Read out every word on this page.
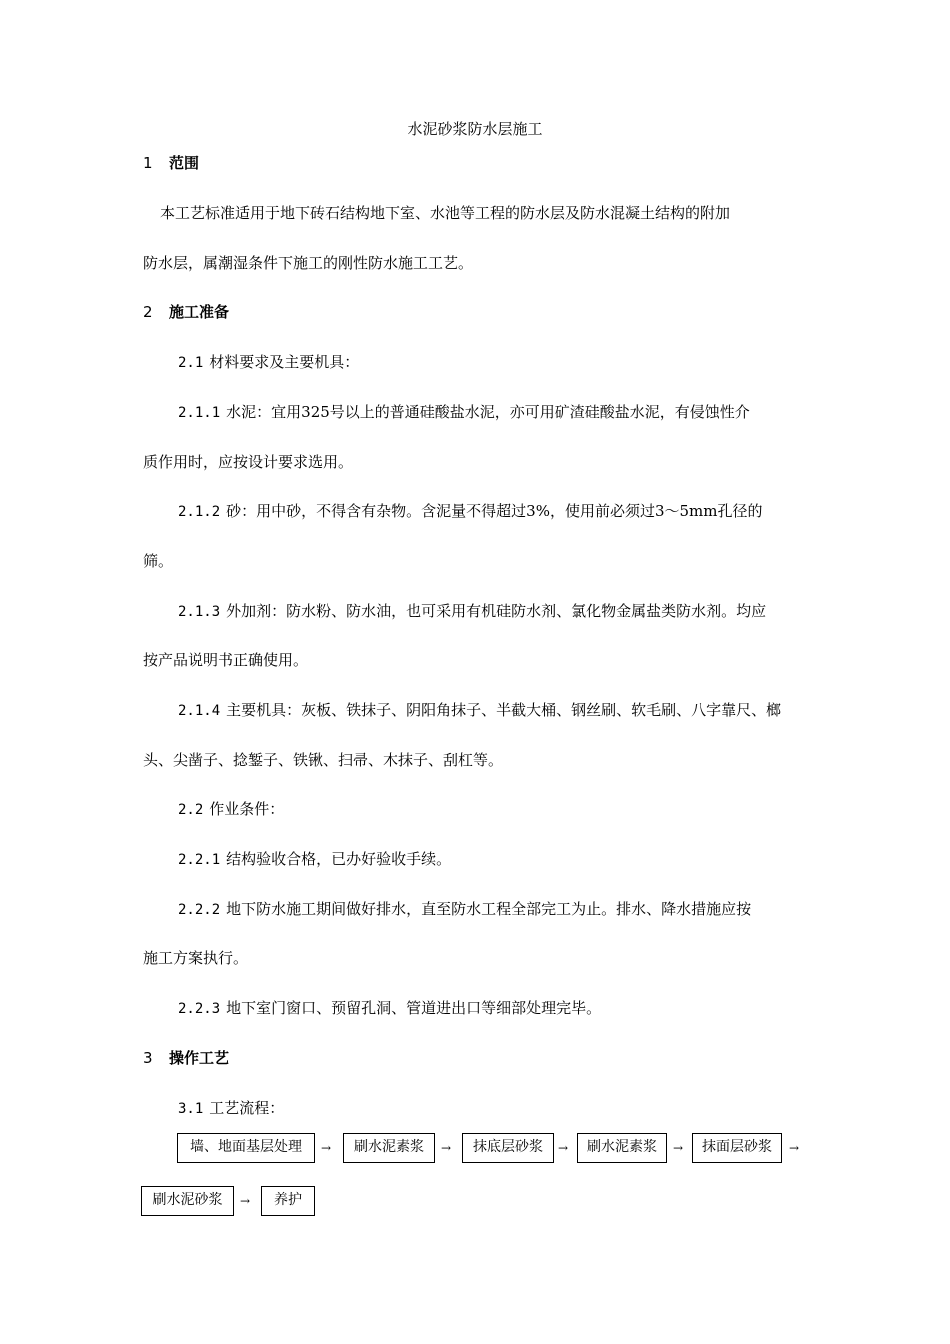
水泥砂浆防水层施工
1 范围
本工艺标准适用于地下砖石结构地下室、水池等工程的防水层及防水混凝土结构的附加
防水层，属潮湿条件下施工的刚性防水施工工艺。
2 施工准备
2.1 材料要求及主要机具：
2.1.1 水泥：宜用325号以上的普通硅酸盐水泥，亦可用矿渣硅酸盐水泥，有侵蚀性介
质作用时，应按设计要求选用。
2.1.2 砂：用中砂，不得含有杂物。含泥量不得超过3%，使用前必须过3～5mm孔径的
筛。
2.1.3 外加剂：防水粉、防水油，也可采用有机硅防水剂、氯化物金属盐类防水剂。均应
按产品说明书正确使用。
2.1.4 主要机具：灰板、铁抹子、阴阳角抹子、半截大桶、钢丝刷、软毛刷、八字靠尺、榔
头、尖凿子、捻錾子、铁锹、扫帚、木抹子、刮杠等。
2.2 作业条件：
2.2.1 结构验收合格，已办好验收手续。
2.2.2 地下防水施工期间做好排水，直至防水工程全部完工为止。排水、降水措施应按
施工方案执行。
2.2.3 地下室门窗口、预留孔洞、管道进出口等细部处理完毕。
3 操作工艺
3.1 工艺流程：
墙、地面基层处理	→	刷水泥素浆	→	抹底层砂浆	→	刷水泥素浆	→	抹面层砂浆	→
刷水泥砂浆	→	养护
